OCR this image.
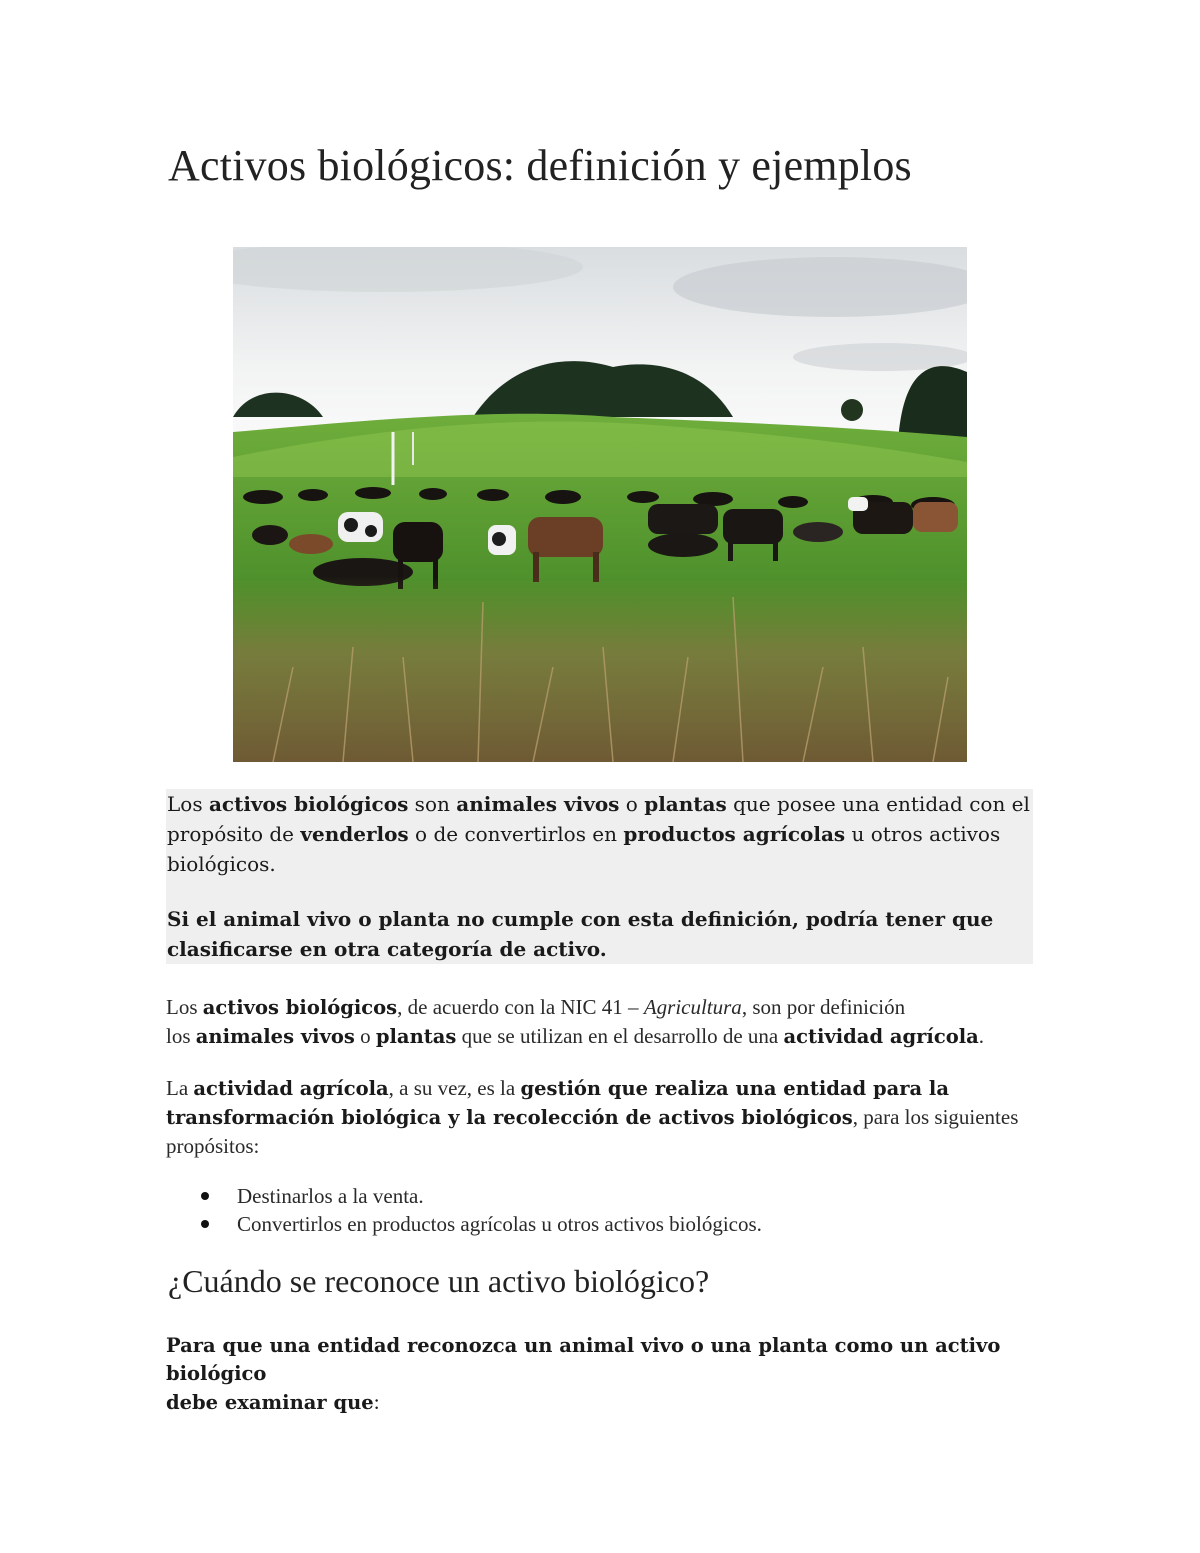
Activos biológicos: definición y ejemplos

Los activos biológicos son animales vivos o plantas que posee una entidad con el propósito de venderlos o de convertirlos en productos agrícolas u otros activos biológicos.

Si el animal vivo o planta no cumple con esta definición, podría tener que clasificarse en otra categoría de activo.

Los activos biológicos, de acuerdo con la NIC 41 – Agricultura, son por definición
los animales vivos o plantas que se utilizan en el desarrollo de una actividad agrícola.

La actividad agrícola, a su vez, es la gestión que realiza una entidad para la
transformación biológica y la recolección de activos biológicos, para los siguientes
propósitos:

Destinarlos a la venta.
Convertirlos en productos agrícolas u otros activos biológicos.
¿Cuándo se reconoce un activo biológico?

Para que una entidad reconozca un animal vivo o una planta como un activo biológico
debe examinar que:
